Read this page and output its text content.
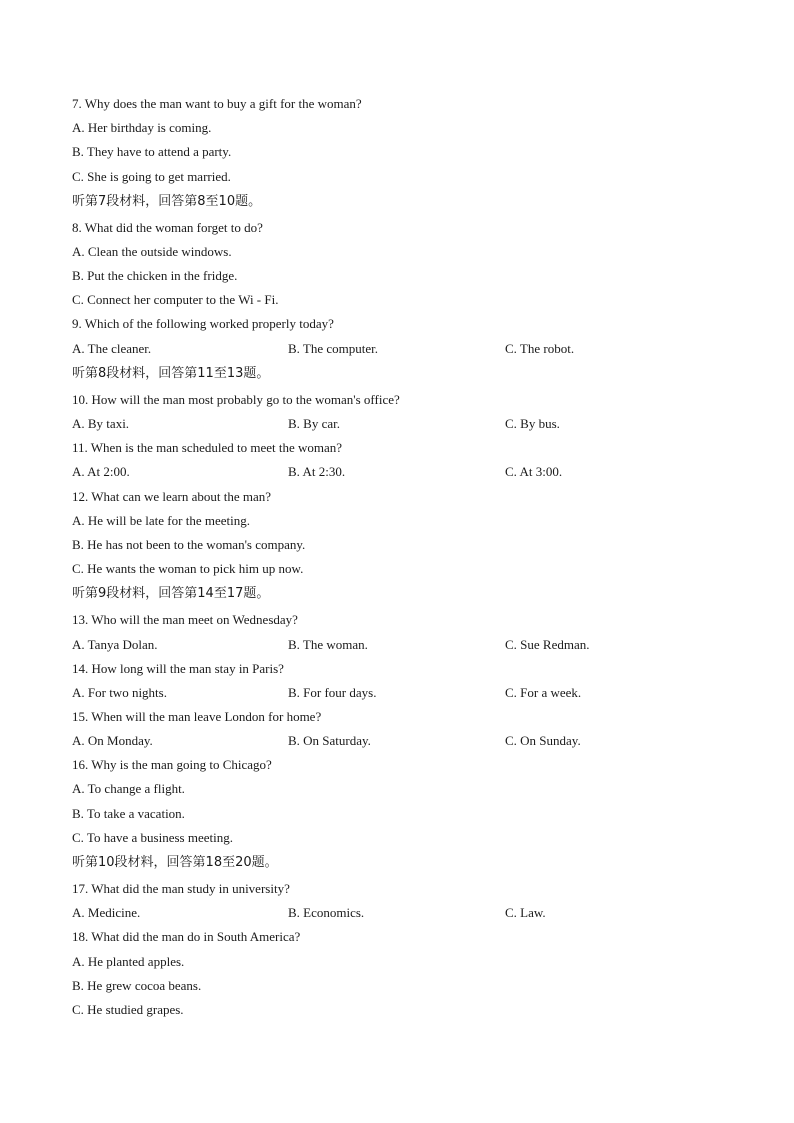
7. Why does the man want to buy a gift for the woman?
A. Her birthday is coming.
B. They have to attend a party.
C. She is going to get married.
听第7段材料，回答第8至10题。
8. What did the woman forget to do?
A. Clean the outside windows.
B. Put the chicken in the fridge.
C. Connect her computer to the Wi - Fi.
9. Which of the following worked properly today?
A. The cleaner.	B. The computer.	C. The robot.
听第8段材料，回答第11至13题。
10. How will the man most probably go to the woman's office?
A. By taxi.	B. By car.	C. By bus.
11. When is the man scheduled to meet the woman?
A. At 2:00.	B. At 2:30.	C. At 3:00.
12. What can we learn about the man?
A. He will be late for the meeting.
B. He has not been to the woman's company.
C. He wants the woman to pick him up now.
听第9段材料，回答第14至17题。
13. Who will the man meet on Wednesday?
A. Tanya Dolan.	B. The woman.	C. Sue Redman.
14. How long will the man stay in Paris?
A. For two nights.	B. For four days.	C. For a week.
15. When will the man leave London for home?
A. On Monday.	B. On Saturday.	C. On Sunday.
16. Why is the man going to Chicago?
A. To change a flight.
B. To take a vacation.
C. To have a business meeting.
听第10段材料，回答第18至20题。
17. What did the man study in university?
A. Medicine.	B. Economics.	C. Law.
18. What did the man do in South America?
A. He planted apples.
B. He grew cocoa beans.
C. He studied grapes.
